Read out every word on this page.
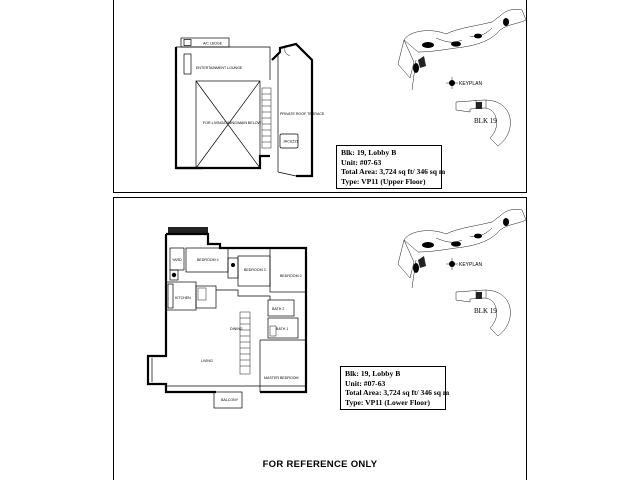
A/C LEDGE
ENTERTAINMENT LOUNGE
FOR LIVING/DINING/MAIN BELOW
PRIVATE ROOF TERRACE
JACUZZI
KEYPLAN
BLK 19
Blk: 19, Lobby B
Unit: #07-63
Total Area: 3,724 sq ft/ 346 sq m
Type: VP11 (Upper Floor)
BEDROOM 4
BEDROOM 3
BEDROOM 2
YARD
KITCHEN
DINING
LIVING
BATH 2
BATH 1
MASTER BEDROOM
BALCONY
KEYPLAN
BLK 19
Blk: 19, Lobby B
Unit: #07-63
Total Area: 3,724 sq ft/ 346 sq m
Type: VP11 (Lower Floor)
FOR REFERENCE ONLY
